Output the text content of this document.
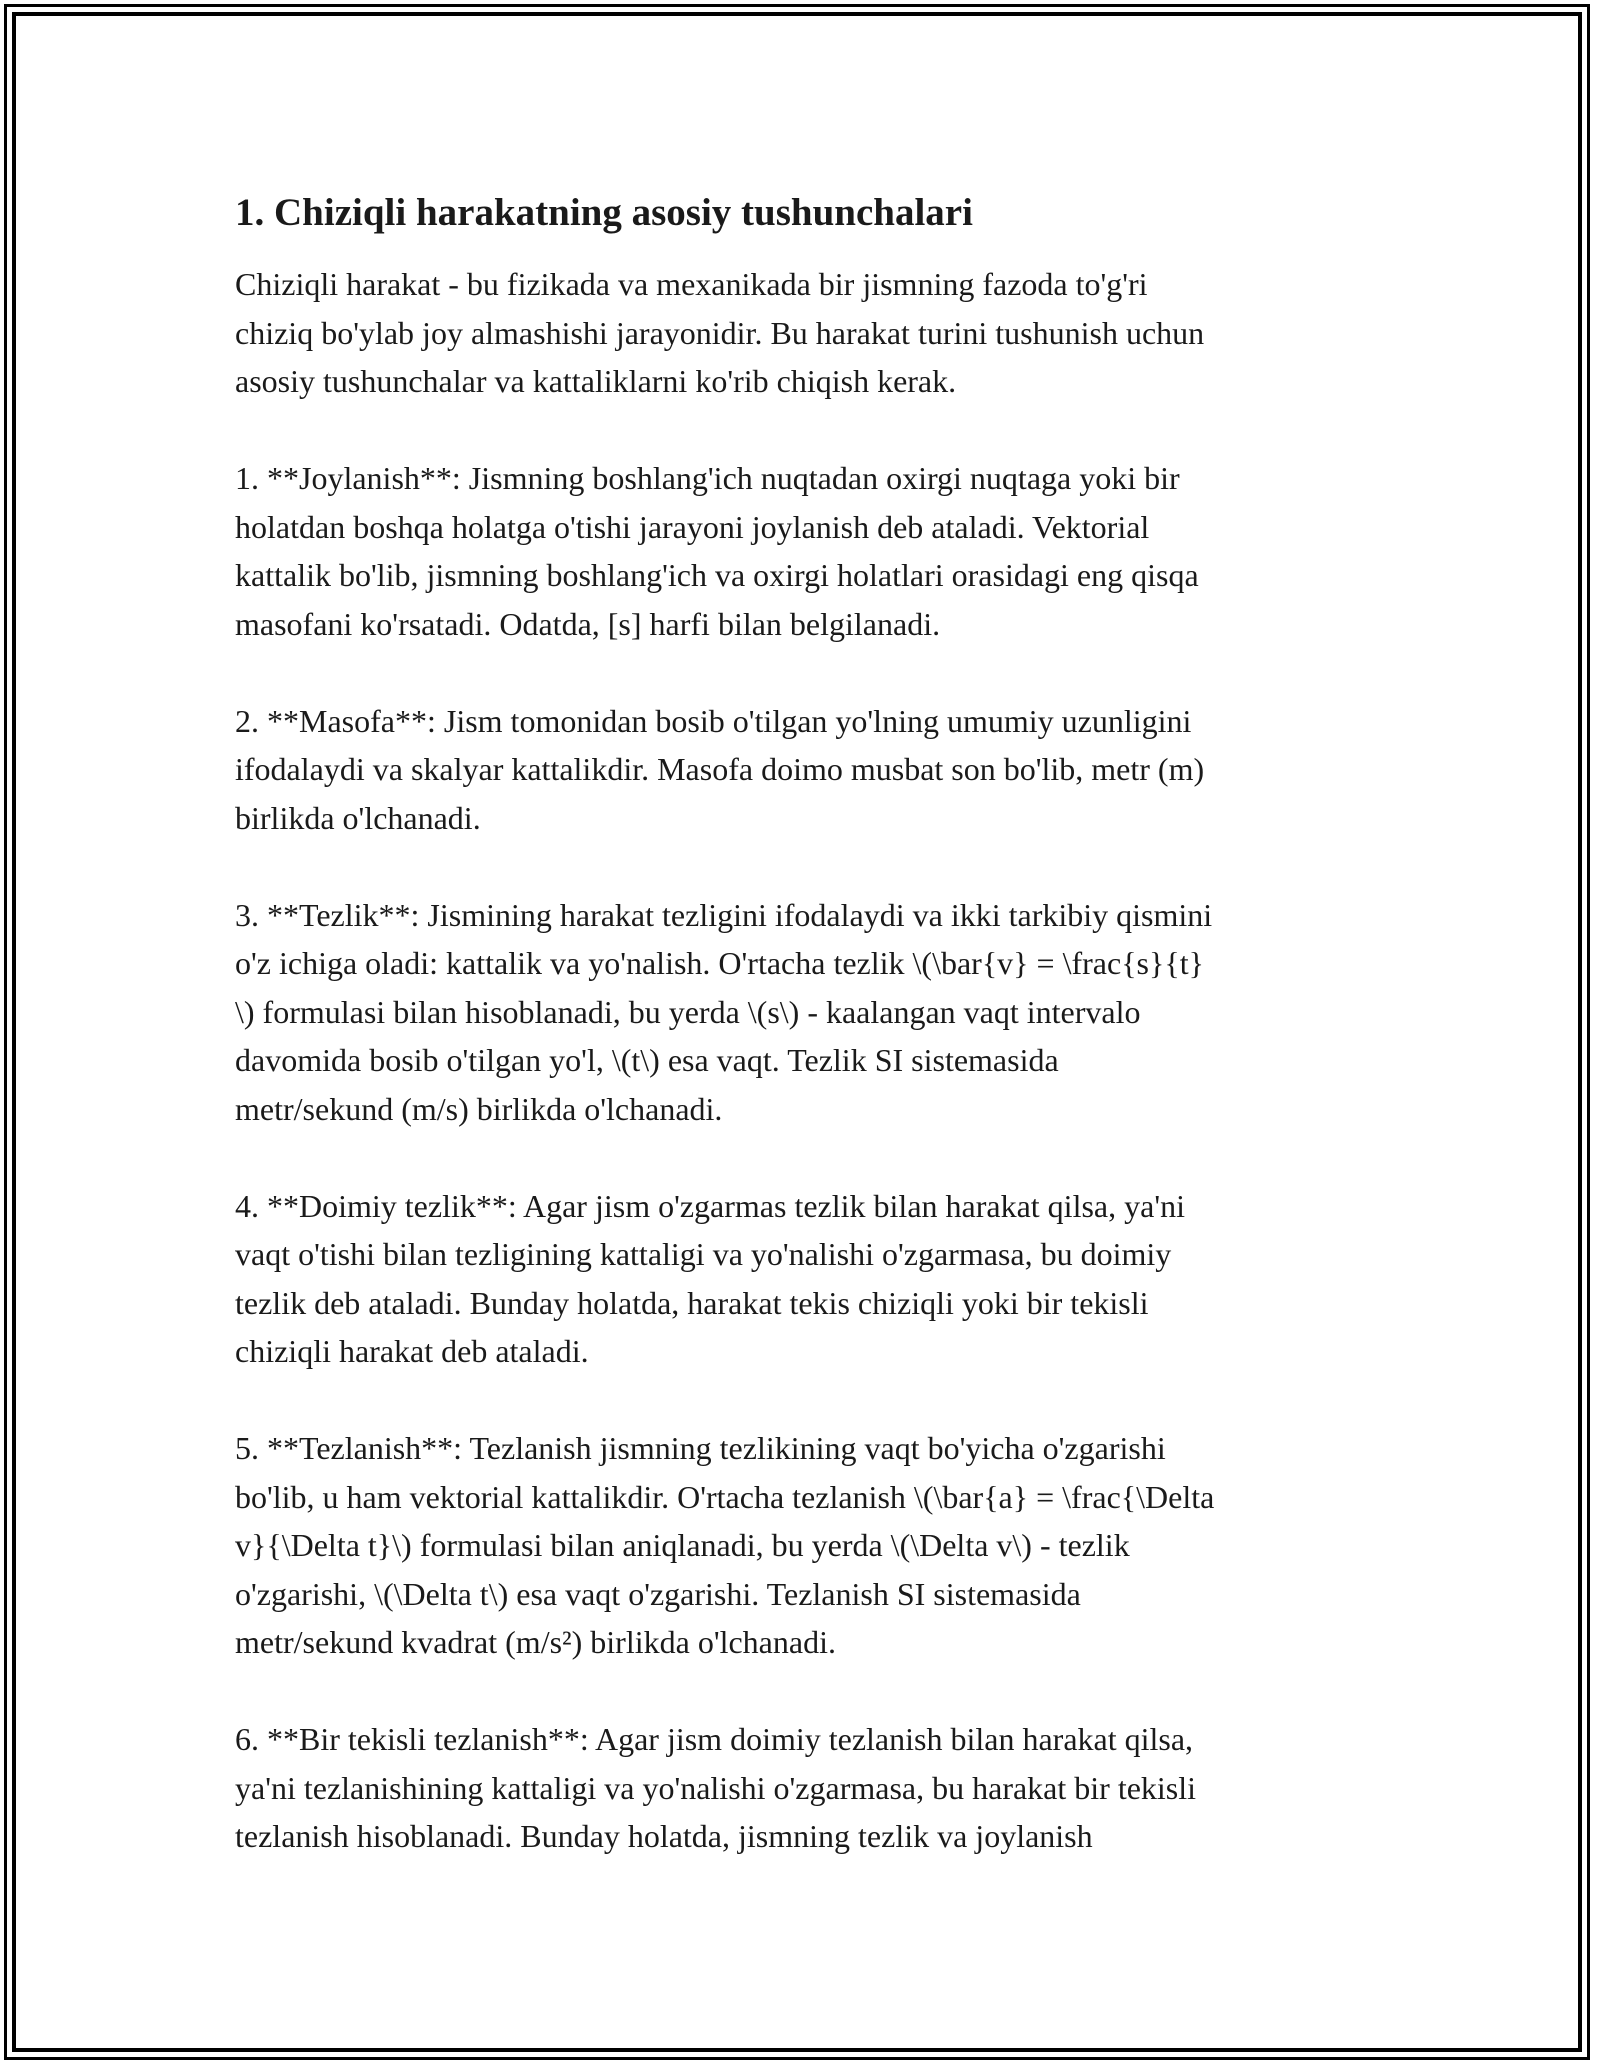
1. Chiziqli harakatning asosiy tushunchalari
Chiziqli harakat - bu fizikada va mexanikada bir jismning fazoda to'g'ri
chiziq bo'ylab joy almashishi jarayonidir. Bu harakat turini tushunish uchun
asosiy tushunchalar va kattaliklarni ko'rib chiqish kerak.
1. **Joylanish**: Jismning boshlang'ich nuqtadan oxirgi nuqtaga yoki bir
holatdan boshqa holatga o'tishi jarayoni joylanish deb ataladi. Vektorial
kattalik bo'lib, jismning boshlang'ich va oxirgi holatlari orasidagi eng qisqa
masofani ko'rsatadi. Odatda, [s] harfi bilan belgilanadi.
2. **Masofa**: Jism tomonidan bosib o'tilgan yo'lning umumiy uzunligini
ifodalaydi va skalyar kattalikdir. Masofa doimo musbat son bo'lib, metr (m)
birlikda o'lchanadi.
3. **Tezlik**: Jismining harakat tezligini ifodalaydi va ikki tarkibiy qismini
o'z ichiga oladi: kattalik va yo'nalish. O'rtacha tezlik \(\bar{v} = \frac{s}{t}
\) formulasi bilan hisoblanadi, bu yerda \(s\) - kaalangan vaqt intervalo
davomida bosib o'tilgan yo'l, \(t\) esa vaqt. Tezlik SI sistemasida
metr/sekund (m/s) birlikda o'lchanadi.
4. **Doimiy tezlik**: Agar jism o'zgarmas tezlik bilan harakat qilsa, ya'ni
vaqt o'tishi bilan tezligining kattaligi va yo'nalishi o'zgarmasa, bu doimiy
tezlik deb ataladi. Bunday holatda, harakat tekis chiziqli yoki bir tekisli
chiziqli harakat deb ataladi.
5. **Tezlanish**: Tezlanish jismning tezlikining vaqt bo'yicha o'zgarishi
bo'lib, u ham vektorial kattalikdir. O'rtacha tezlanish \(\bar{a} = \frac{\Delta
v}{\Delta t}\) formulasi bilan aniqlanadi, bu yerda \(\Delta v\) - tezlik
o'zgarishi, \(\Delta t\) esa vaqt o'zgarishi. Tezlanish SI sistemasida
metr/sekund kvadrat (m/s²) birlikda o'lchanadi.
6. **Bir tekisli tezlanish**: Agar jism doimiy tezlanish bilan harakat qilsa,
ya'ni tezlanishining kattaligi va yo'nalishi o'zgarmasa, bu harakat bir tekisli
tezlanish hisoblanadi. Bunday holatda, jismning tezlik va joylanish
